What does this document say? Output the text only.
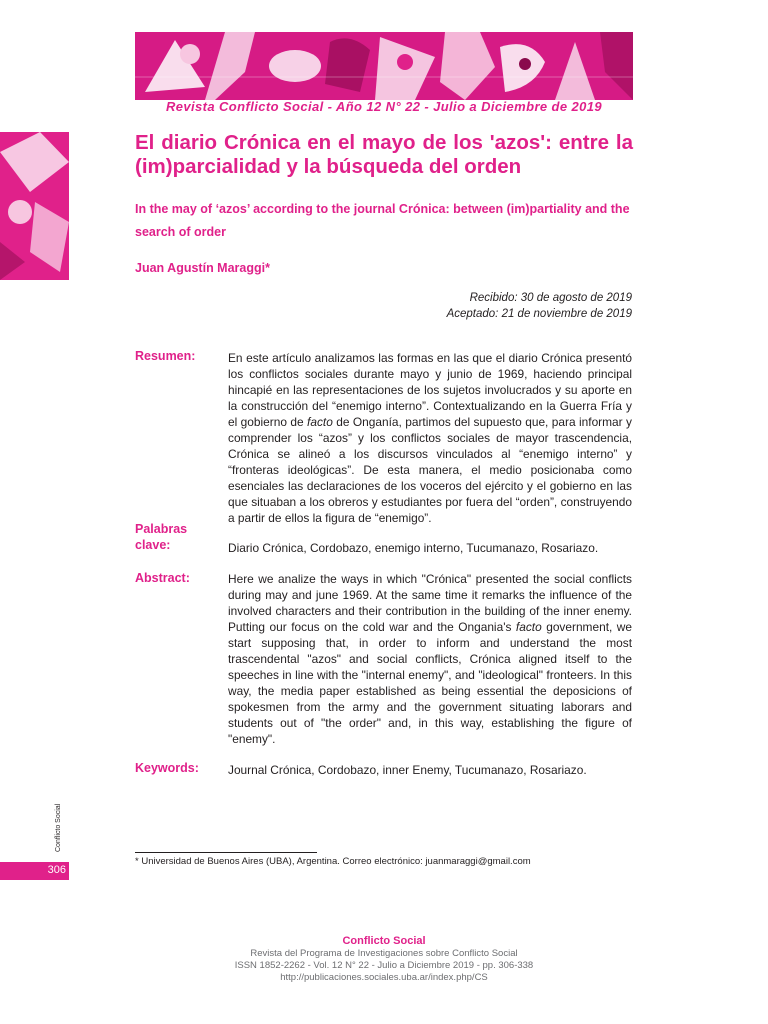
Revista Conflicto Social - Año 12 N° 22 - Julio a Diciembre de 2019
El diario Crónica en el mayo de los 'azos': entre la (im)parcialidad y la búsqueda del orden

In the may of ‘azos’ according to the journal Crónica: between (im)partiality and the search of order

Juan Agustín Maraggi*
Recibido: 30 de agosto de 2019
Aceptado: 21 de noviembre de 2019
Resumen:	En este artículo analizamos las formas en las que el diario Crónica presentó los conflictos sociales durante mayo y junio de 1969, haciendo principal hincapié en las representaciones de los sujetos involucrados y su aporte en la construcción del “enemigo interno”. Contextualizando en la Guerra Fría y el gobierno de facto de Onganía, partimos del supuesto que, para informar y comprender los “azos” y los conflictos sociales de mayor trascendencia, Crónica se alineó a los discursos vinculados al “enemigo interno” y “fronteras ideológicas”. De esta manera, el medio posicionaba como esenciales las declaraciones de los voceros del ejército y el gobierno en las que situaban a los obreros y estudiantes por fuera del “orden”, construyendo a partir de ellos la figura de “enemigo”.

Palabras
clave:	Diario Crónica, Cordobazo, enemigo interno, Tucumanazo, Rosariazo.

Abstract:	Here we analize the ways in which "Crónica" presented the social conflicts during may and june 1969. At the same time it remarks the influence of the involved characters and their contribution in the building of the inner enemy. Putting our focus on the cold war and the Ongania's facto government, we start supposing that, in order to inform and understand the most trascendental "azos" and social conflicts, Crónica aligned itself to the speeches in line with the "internal enemy", and "ideological" fronteers. In this way, the media paper established as being essential the deposicions of spokesmen from the army and the government situating laborars and students out of "the order" and, in this way, establishing the figure of "enemy".

Keywords: Journal Crónica, Cordobazo, inner Enemy, Tucumanazo, Rosariazo.

* Universidad de Buenos Aires (UBA), Argentina. Correo electrónico: juanmaraggi@gmail.com
Conflicto Social
306
Conflicto Social
Revista del Programa de Investigaciones sobre Conflicto Social
ISSN 1852-2262 - Vol. 12 N° 22 - Julio a Diciembre 2019 - pp. 306-338
http://publicaciones.sociales.uba.ar/index.php/CS
